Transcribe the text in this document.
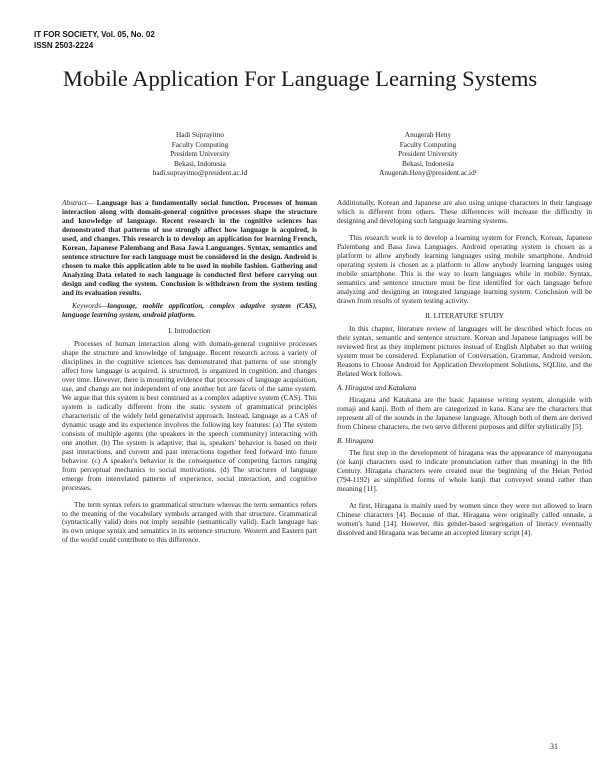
IT FOR SOCIETY, Vol. 05, No. 02
ISSN 2503-2224
Mobile Application For Language Learning Systems
Hadi Suprayitno
Faculty Computing
President University
Bekasi, Indonesia
hadi.suprayitno@president.ac.id
Anugerah Heny
Faculty Computing
President University
Bekasi, Indonesia
Anugerah.Heny@president.ac.id¹

Abstract— Language has a fundamentally social function. Processes of human interaction along with domain-general cognitive processes shape the structure and knowledge of language. Recent research in the cognitive sciences has demonstrated that patterns of use strongly affect how language is acquired, is used, and changes. This research is to develop an application for learning French, Korean, Japanese Palembang and Basa Jawa Languanges. Syntax, semantics and sentence structure for each language must be considered in the design. Android is chosen to make this application able to be used in mobile fashion. Gathering and Analyzing Data related to each language is conducted first before carrying out design and coding the system. Conclusion is withdrawn from the system testing and its evaluation results.

Keywords—language, mobile application, complex adaptive system (CAS), language learning system, android platform.

I. Introduction

Processes of human interaction along with domain-general cognitive processes shape the structure and knowledge of language. Recent research across a variety of disciplines in the cognitive sciences has demonstrated that patterns of use strongly affect how language is acquired, is structured, is organized in cognition, and changes over time. However, there is mounting evidence that processes of language acquisition, use, and change are not independent of one another but are facets of the same system. We argue that this system is best construed as a complex adaptive system (CAS). This system is radically different from the static system of grammatical principles characteristic of the widely held generativist approach. Instead, language as a CAS of dynamic usage and its experience involves the following key features: (a) The system consists of multiple agents (the speakers in the speech community) interacting with one another. (b) The system is adaptive; that is, speakers' behavior is based on their past interactions, and current and past interactions together feed forward into future behavior. (c) A speaker's behavior is the consequence of competing factors ranging from perceptual mechanics to social motivations. (d) The structures of language emerge from interrelated patterns of experience, social interaction, and cognitive processes.

The term syntax refers to grammatical structure whereas the term semantics refers to the meaning of the vocabulary symbols arranged with that structure. Grammatical (syntactically valid) does not imply sensible (semantically valid). Each language has its own unique syntax and semantics in its sentence structure. Western and Eastern part of the world could contribute to this difference.

Additionally, Korean and Japanese are also using unique characters in their language which is different from others. These differences will increase the difficulty in designing and developing such language learning systems.

This research work is to develop a learning system for French, Korean, Japanese Palembang and Basa Jawa Languages. Android operating system is chosen as a platform to allow anybody learning languages using mobile smartphone. Android operating system is chosen as a platform to allow anybody learning languges using mobile smartphone. This is the way to learn languages while in mobile. Syntax, semantics and sentence structure must be first identified for each language before analyzing and designing an integrated language learning system. Conclusion will be drawn from results of system testing activity.

II. LITERATURE STUDY

In this chapter, literature review of languages will be described which focus on their syntax, semantic and sentence structure. Korean and Japanese languages will be reviewed first as they implement pictures instead of English Alphabet so that writing system must be considered. Explanation of Conversation, Grammar, Android version, Reasons to Choose Android for Application Development Solutions, SQLlite, and the Related Work follows.

A. Hiragana and Katakana

Hiragana and Katakana are the basic Japanese writing system, alongside with romaji and kanji. Both of them are categorized in kana. Kana are the characters that represent all of the sounds in the Japanese language. Altough both of them are derived from Chinese characters, the two serve different purposes and differ stylistically [5].

B. Hiragana

The first step in the development of hiragana was the appearance of manyougana (or kanji characters used to indicate pronunciation rather than meaning) in the 8th Century. Hiragana characters were created near the beginning of the Heian Period (794-1192) as simplified forms of whole kanji that conveyed sound rather than meaning [11].

At first, Hiragana is mainly used by women since they were not allowed to learn Chinese characters [4]. Because of that, Hiragana were originally called onnade, a women's hand [14]. However, this gender-based segregation of literacy eventually dissolved and Hiragana was became an accepted literary script [4].

31
